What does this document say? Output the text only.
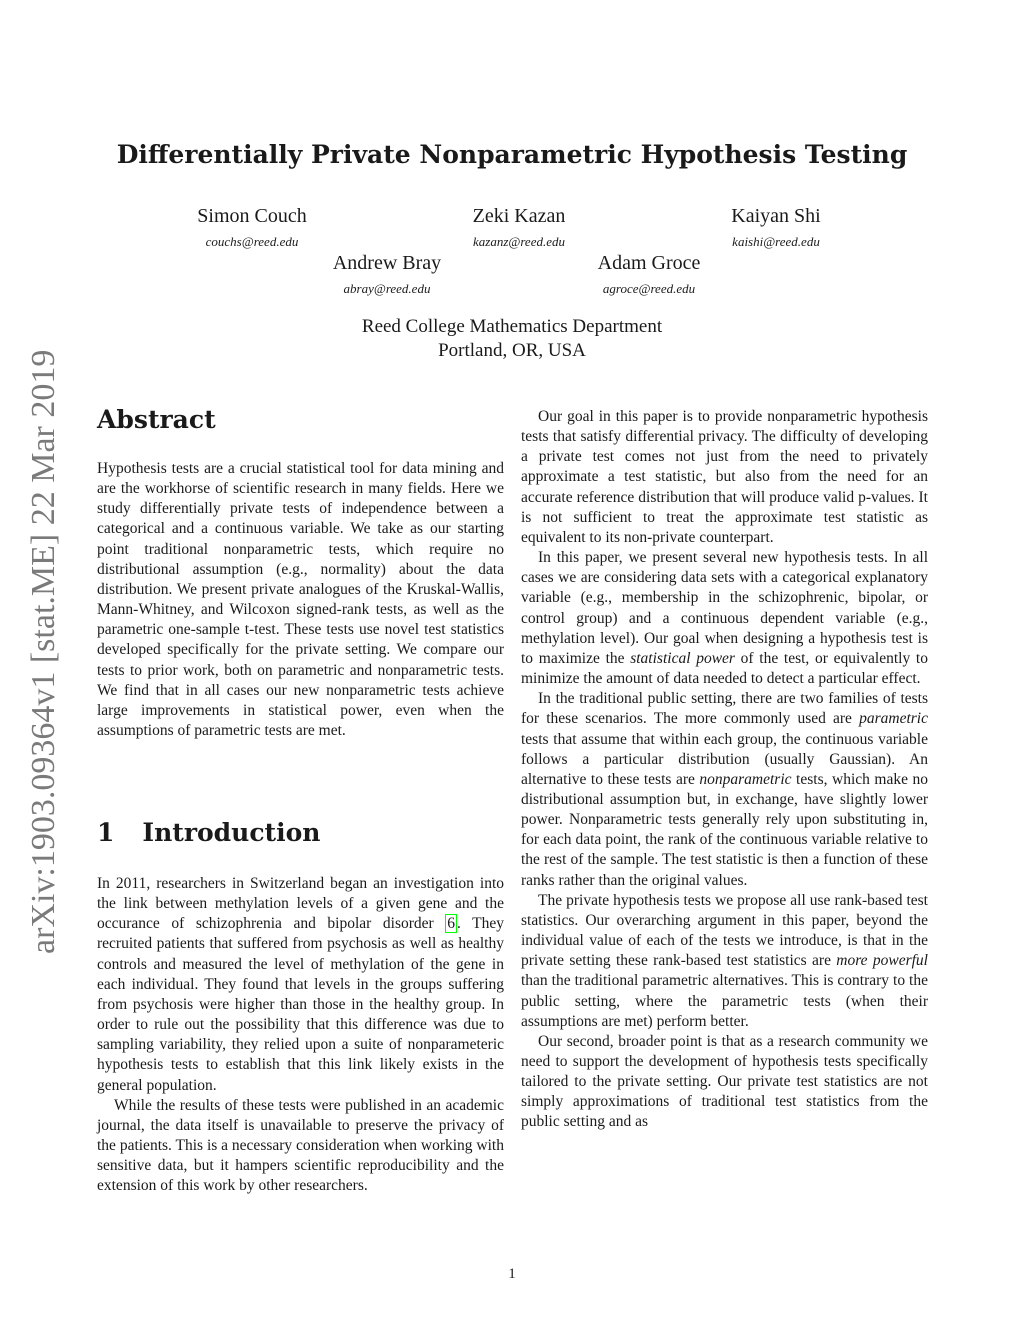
arXiv:1903.09364v1 [stat.ME] 22 Mar 2019
Differentially Private Nonparametric Hypothesis Testing
Simon Couch
couchs@reed.edu
Zeki Kazan
kazanz@reed.edu
Kaiyan Shi
kaishi@reed.edu
Andrew Bray
abray@reed.edu
Adam Groce
agroce@reed.edu
Reed College Mathematics Department
Portland, OR, USA
Abstract

Hypothesis tests are a crucial statistical tool for data mining and are the workhorse of scientific research in many fields. Here we study differentially private tests of independence between a categorical and a continuous variable. We take as our starting point traditional nonparametric tests, which require no distributional assumption (e.g., normality) about the data distribution. We present private analogues of the Kruskal-Wallis, Mann-Whitney, and Wilcoxon signed-rank tests, as well as the parametric one-sample t-test. These tests use novel test statistics developed specifically for the private setting. We compare our tests to prior work, both on parametric and nonparametric tests. We find that in all cases our new nonparametric tests achieve large improvements in statistical power, even when the assumptions of parametric tests are met.

1 Introduction

In 2011, researchers in Switzerland began an investigation into the link between methylation levels of a given gene and the occurance of schizophrenia and bipolar disorder 6 . They recruited patients that suffered from psychosis as well as healthy controls and measured the level of methylation of the gene in each individual. They found that levels in the groups suffering from psychosis were higher than those in the healthy group. In order to rule out the possibility that this difference was due to sampling variability, they relied upon a suite of nonparameteric hypothesis tests to establish that this link likely exists in the general population.

While the results of these tests were published in an academic journal, the data itself is unavailable to preserve the privacy of the patients. This is a necessary consideration when working with sensitive data, but it hampers scientific reproducibility and the extension of this work by other researchers.

Our goal in this paper is to provide nonparametric hypothesis tests that satisfy differential privacy. The difficulty of developing a private test comes not just from the need to privately approximate a test statistic, but also from the need for an accurate reference distribution that will produce valid p-values. It is not sufficient to treat the approximate test statistic as equivalent to its non-private counterpart.

In this paper, we present several new hypothesis tests. In all cases we are considering data sets with a categorical explanatory variable (e.g., membership in the schizophrenic, bipolar, or control group) and a continuous dependent variable (e.g., methylation level). Our goal when designing a hypothesis test is to maximize the statistical power of the test, or equivalently to minimize the amount of data needed to detect a particular effect.

In the traditional public setting, there are two families of tests for these scenarios. The more commonly used are parametric tests that assume that within each group, the continuous variable follows a particular distribution (usually Gaussian). An alternative to these tests are nonparametric tests, which make no distributional assumption but, in exchange, have slightly lower power. Nonparametric tests generally rely upon substituting in, for each data point, the rank of the continuous variable relative to the rest of the sample. The test statistic is then a function of these ranks rather than the original values.

The private hypothesis tests we propose all use rank-based test statistics. Our overarching argument in this paper, beyond the individual value of each of the tests we introduce, is that in the private setting these rank-based test statistics are more powerful than the traditional parametric alternatives. This is contrary to the public setting, where the parametric tests (when their assumptions are met) perform better.

Our second, broader point is that as a research community we need to support the development of hypothesis tests specifically tailored to the private setting. Our private test statistics are not simply approximations of traditional test statistics from the public setting and as

1
